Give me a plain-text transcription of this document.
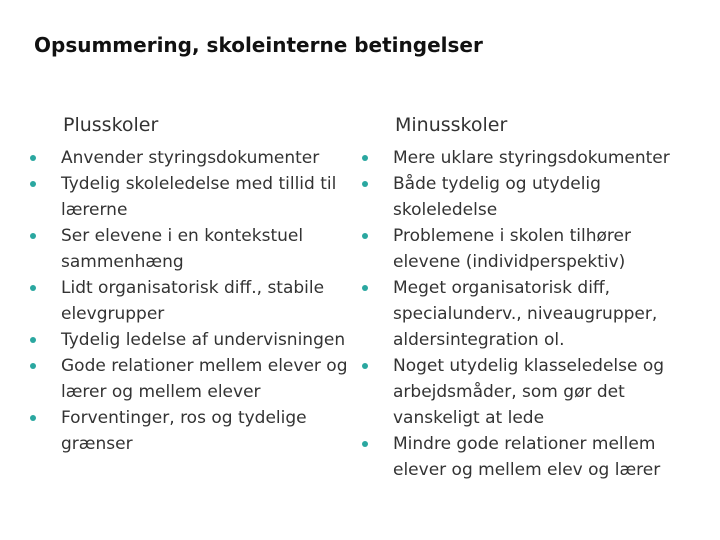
Opsummering, skoleinterne betingelser
Plusskoler
Anvender styringsdokumenter
Tydelig skoleledelse med tillid til lærerne
Ser elevene i en kontekstuel sammenhæng
Lidt organisatorisk diff., stabile elevgrupper
Tydelig ledelse af undervisningen
Gode relationer mellem elever og lærer og mellem elever
Forventinger, ros og tydelige grænser
Minusskoler
Mere uklare styringsdokumenter
Både tydelig og utydelig skoleledelse
Problemene i skolen tilhører elevene (individperspektiv)
Meget organisatorisk diff, specialunderv., niveaugrupper, aldersintegration ol.
Noget utydelig klasseledelse og arbejdsmåder, som gør det vanskeligt at lede
Mindre gode relationer mellem elever og mellem elev og lærer
